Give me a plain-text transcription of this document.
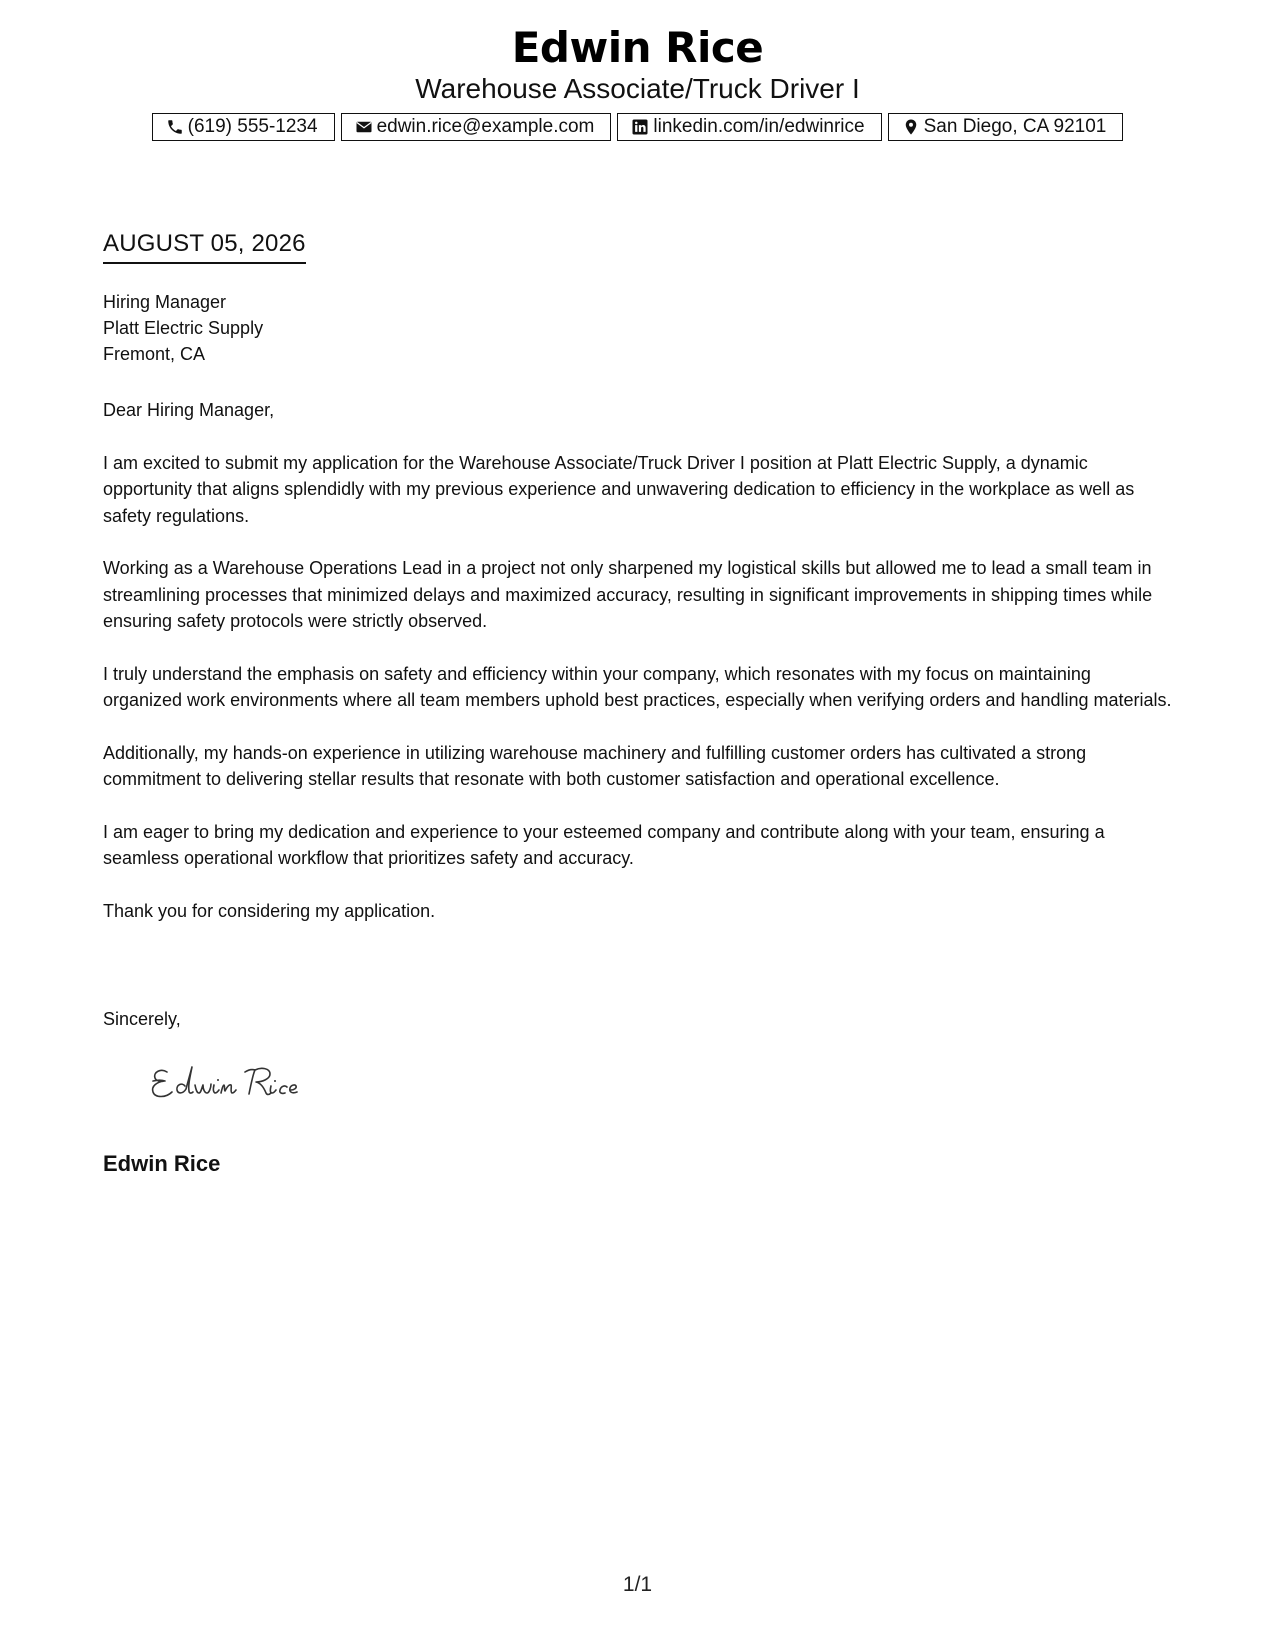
Edwin Rice
Warehouse Associate/Truck Driver I
(619) 555-1234	edwin.rice@example.com	linkedin.com/in/edwinrice	San Diego, CA 92101
AUGUST 05, 2026
Hiring Manager
Platt Electric Supply
Fremont, CA

Dear Hiring Manager,

I am excited to submit my application for the Warehouse Associate/Truck Driver I position at Platt Electric Supply, a dynamic opportunity that aligns splendidly with my previous experience and unwavering dedication to efficiency in the workplace as well as safety regulations.

Working as a Warehouse Operations Lead in a project not only sharpened my logistical skills but allowed me to lead a small team in streamlining processes that minimized delays and maximized accuracy, resulting in significant improvements in shipping times while ensuring safety protocols were strictly observed.

I truly understand the emphasis on safety and efficiency within your company, which resonates with my focus on maintaining organized work environments where all team members uphold best practices, especially when verifying orders and handling materials.

Additionally, my hands-on experience in utilizing warehouse machinery and fulfilling customer orders has cultivated a strong commitment to delivering stellar results that resonate with both customer satisfaction and operational excellence.

I am eager to bring my dedication and experience to your esteemed company and contribute along with your team, ensuring a seamless operational workflow that prioritizes safety and accuracy.

Thank you for considering my application.

Sincerely,
Edwin Rice
1/1
